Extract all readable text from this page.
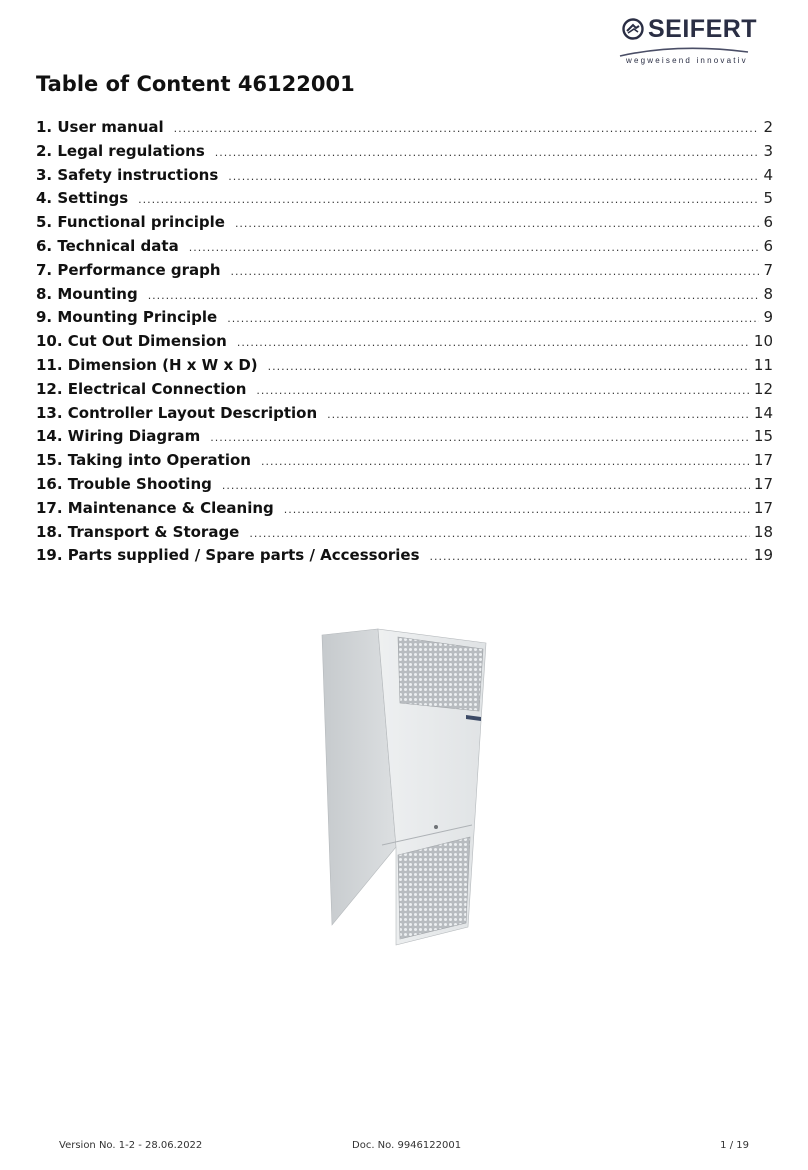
SEIFERT
wegweisend innovativ
Table of Content 46122001
1. User manual .....	2
2. Legal regulations .....	3
3. Safety instructions .....	4
4. Settings .....	5
5. Functional principle .....	6
6. Technical data .....	6
7. Performance graph .....	7
8. Mounting .....	8
9. Mounting Principle .....	9
10. Cut Out Dimension .....	10
11. Dimension (H x W x D) .....	11
12. Electrical Connection .....	12
13. Controller Layout Description .....	14
14. Wiring Diagram .....	15
15. Taking into Operation .....	17
16. Trouble Shooting .....	17
17. Maintenance & Cleaning .....	17
18. Transport & Storage .....	18
19. Parts supplied / Spare parts / Accessories .....	19
Version No. 1-2 - 28.06.2022	Doc. No. 9946122001	1 / 19
